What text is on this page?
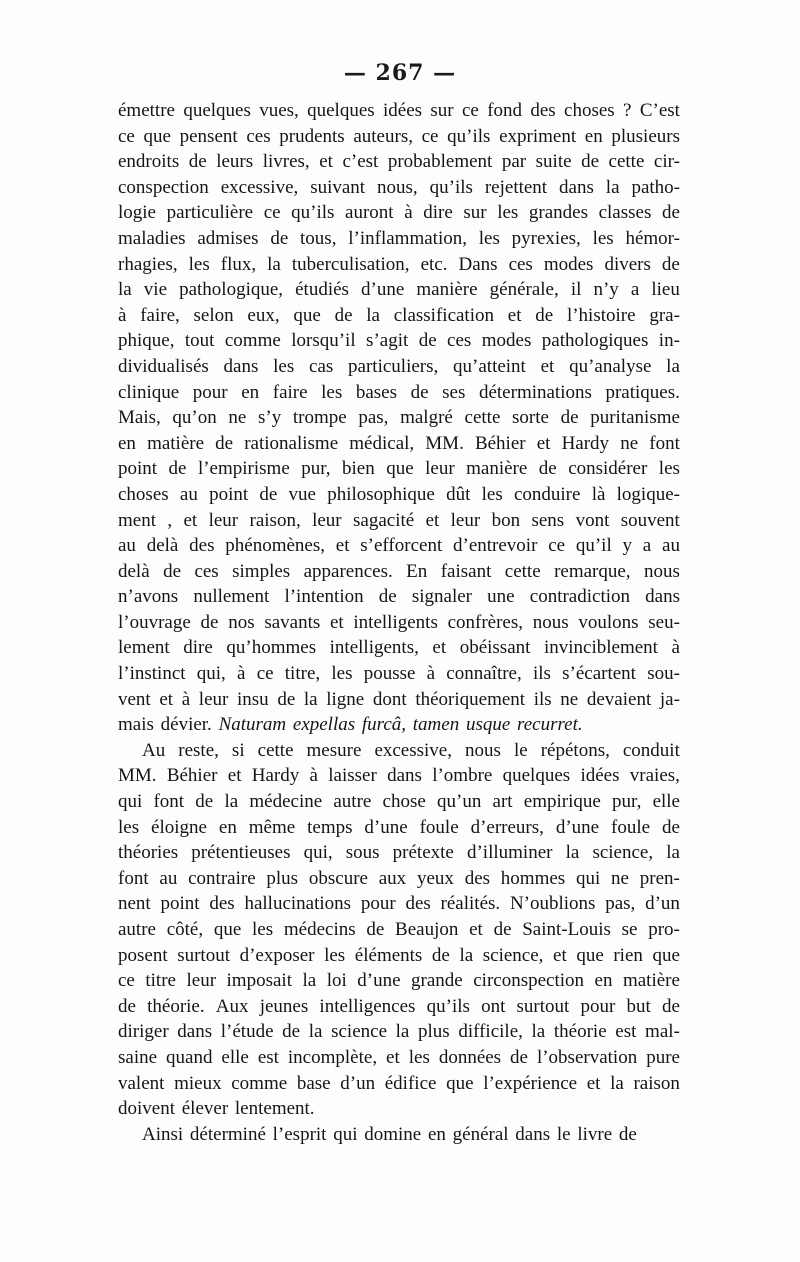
— 267 —
émettre quelques vues, quelques idées sur ce fond des choses ? C’est
ce que pensent ces prudents auteurs, ce qu’ils expriment en plusieurs
endroits de leurs livres, et c’est probablement par suite de cette cir-
conspection excessive, suivant nous, qu’ils rejettent dans la patho-
logie particulière ce qu’ils auront à dire sur les grandes classes de
maladies admises de tous, l’inflammation, les pyrexies, les hémor-
rhagies, les flux, la tuberculisation, etc. Dans ces modes divers de
la vie pathologique, étudiés d’une manière générale, il n’y a lieu
à faire, selon eux, que de la classification et de l’histoire gra-
phique, tout comme lorsqu’il s’agit de ces modes pathologiques in-
dividualisés dans les cas particuliers, qu’atteint et qu’analyse la
clinique pour en faire les bases de ses déterminations pratiques.
Mais, qu’on ne s’y trompe pas, malgré cette sorte de puritanisme
en matière de rationalisme médical, MM. Béhier et Hardy ne font
point de l’empirisme pur, bien que leur manière de considérer les
choses au point de vue philosophique dût les conduire là logique-
ment , et leur raison, leur sagacité et leur bon sens vont souvent
au delà des phénomènes, et s’efforcent d’entrevoir ce qu’il y a au
delà de ces simples apparences. En faisant cette remarque, nous
n’avons nullement l’intention de signaler une contradiction dans
l’ouvrage de nos savants et intelligents confrères, nous voulons seu-
lement dire qu’hommes intelligents, et obéissant invinciblement à
l’instinct qui, à ce titre, les pousse à connaître, ils s’écartent sou-
vent et à leur insu de la ligne dont théoriquement ils ne devaient ja-
mais dévier. Naturam expellas furcâ, tamen usque recurret.
Au reste, si cette mesure excessive, nous le répétons, conduit
MM. Béhier et Hardy à laisser dans l’ombre quelques idées vraies,
qui font de la médecine autre chose qu’un art empirique pur, elle
les éloigne en même temps d’une foule d’erreurs, d’une foule de
théories prétentieuses qui, sous prétexte d’illuminer la science, la
font au contraire plus obscure aux yeux des hommes qui ne pren-
nent point des hallucinations pour des réalités. N’oublions pas, d’un
autre côté, que les médecins de Beaujon et de Saint-Louis se pro-
posent surtout d’exposer les éléments de la science, et que rien que
ce titre leur imposait la loi d’une grande circonspection en matière
de théorie. Aux jeunes intelligences qu’ils ont surtout pour but de
diriger dans l’étude de la science la plus difficile, la théorie est mal-
saine quand elle est incomplète, et les données de l’observation pure
valent mieux comme base d’un édifice que l’expérience et la raison
doivent élever lentement.
Ainsi déterminé l’esprit qui domine en général dans le livre de
